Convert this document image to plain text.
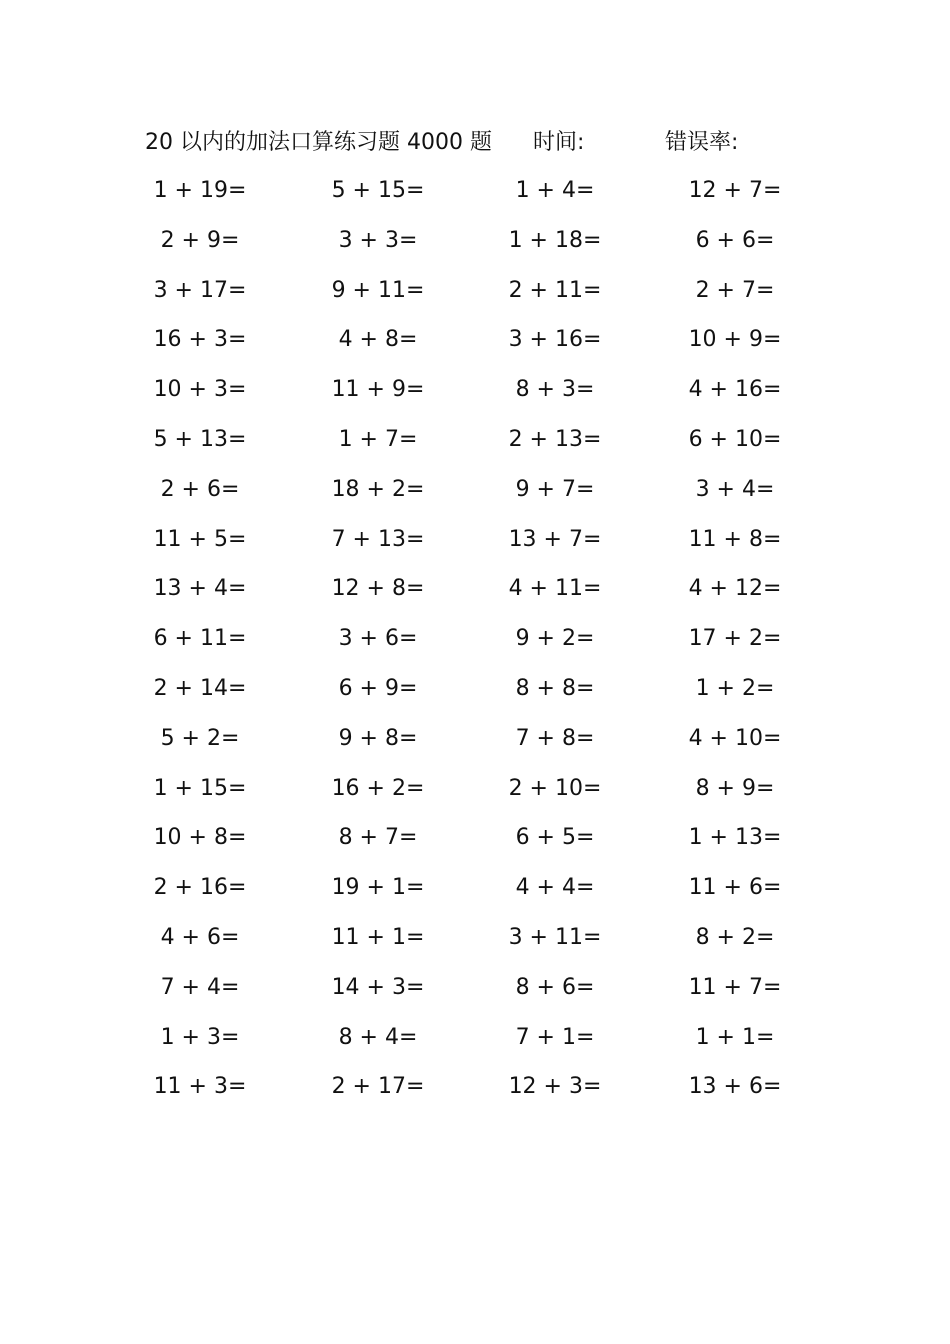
20 以内的加法口算练习题 4000 题 时间:	错误率:
1 + 19=	5 + 15=	1 + 4=	12 + 7=
2 + 9=	3 + 3=	1 + 18=	6 + 6=
3 + 17=	9 + 11=	2 + 11=	2 + 7=
16 + 3=	4 + 8=	3 + 16=	10 + 9=
10 + 3=	11 + 9=	8 + 3=	4 + 16=
5 + 13=	1 + 7=	2 + 13=	6 + 10=
2 + 6=	18 + 2=	9 + 7=	3 + 4=
11 + 5=	7 + 13=	13 + 7=	11 + 8=
13 + 4=	12 + 8=	4 + 11=	4 + 12=
6 + 11=	3 + 6=	9 + 2=	17 + 2=
2 + 14=	6 + 9=	8 + 8=	1 + 2=
5 + 2=	9 + 8=	7 + 8=	4 + 10=
1 + 15=	16 + 2=	2 + 10=	8 + 9=
10 + 8=	8 + 7=	6 + 5=	1 + 13=
2 + 16=	19 + 1=	4 + 4=	11 + 6=
4 + 6=	11 + 1=	3 + 11=	8 + 2=
7 + 4=	14 + 3=	8 + 6=	11 + 7=
1 + 3=	8 + 4=	7 + 1=	1 + 1=
11 + 3=	2 + 17=	12 + 3=	13 + 6=
